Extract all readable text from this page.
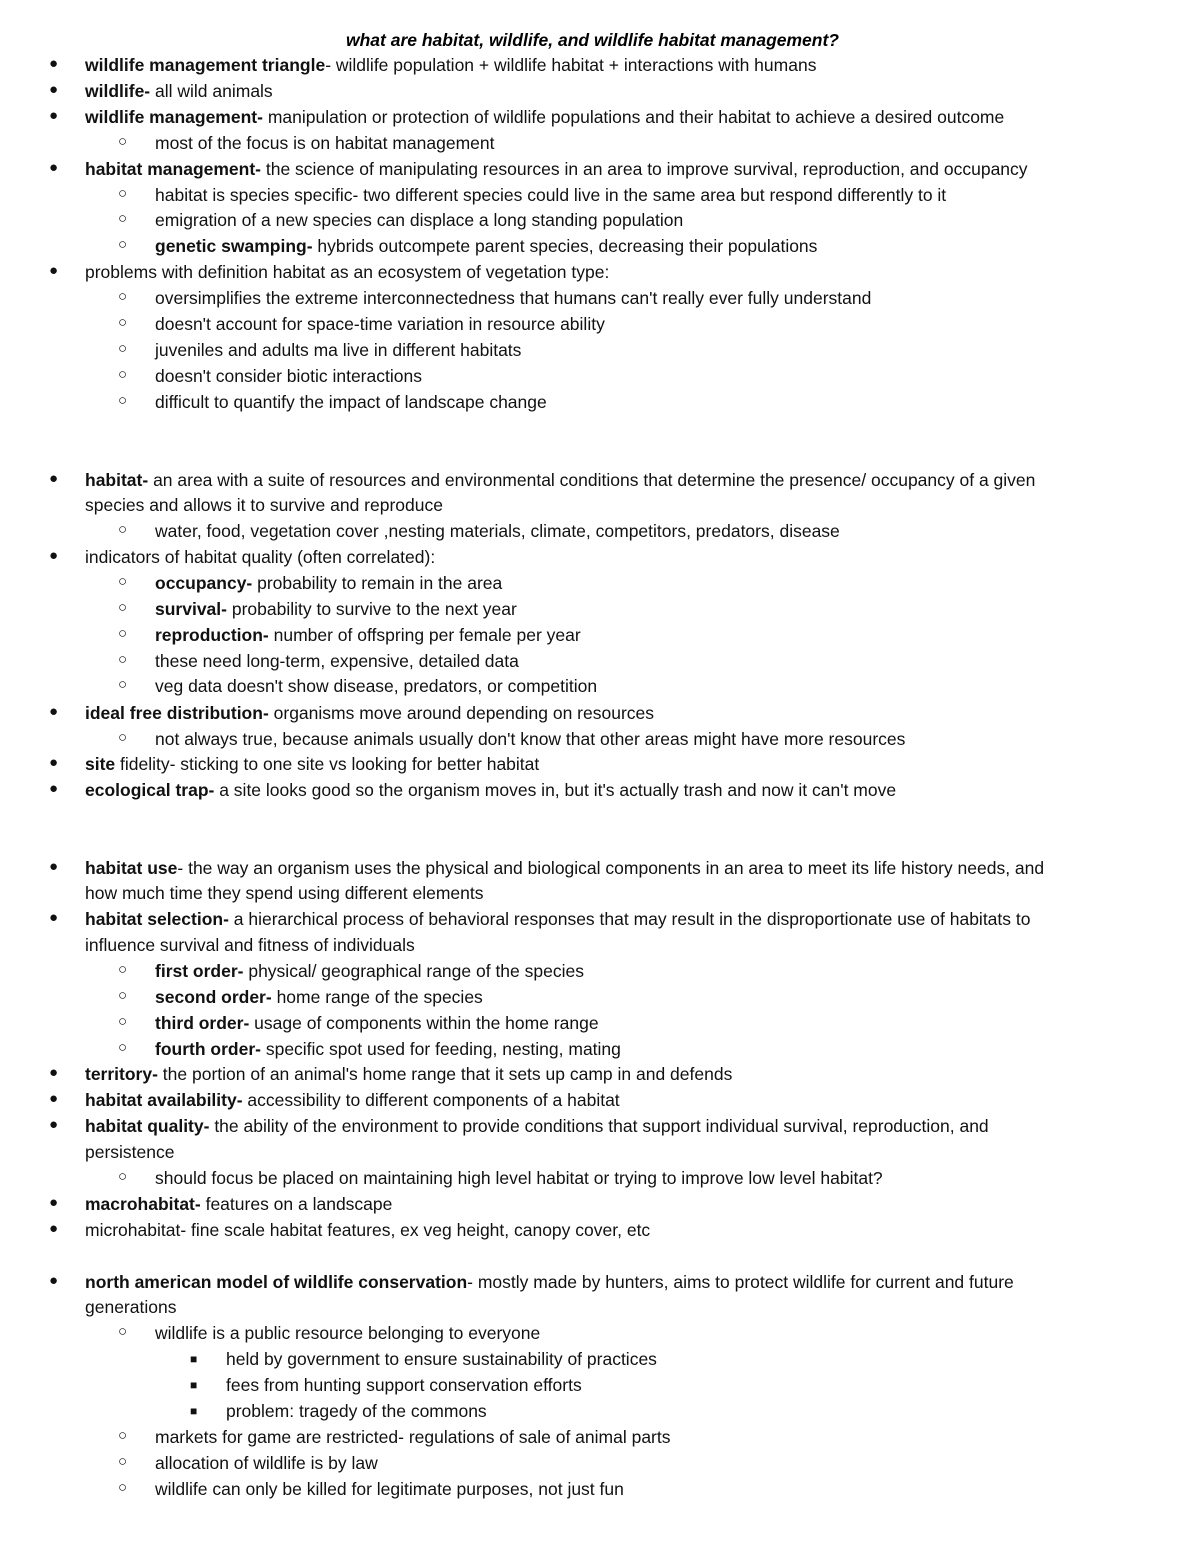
what are habitat, wildlife, and wildlife habitat management?
● wildlife management triangle- wildlife population + wildlife habitat + interactions with humans
● wildlife- all wild animals
● wildlife management- manipulation or protection of wildlife populations and their habitat to achieve a desired outcome
○ most of the focus is on habitat management
● habitat management- the science of manipulating resources in an area to improve survival, reproduction, and occupancy
○ habitat is species specific- two different species could live in the same area but respond differently to it
○ emigration of a new species can displace a long standing population
○ genetic swamping- hybrids outcompete parent species, decreasing their populations
● problems with definition habitat as an ecosystem of vegetation type:
○ oversimplifies the extreme interconnectedness that humans can't really ever fully understand
○ doesn't account for space-time variation in resource ability
○ juveniles and adults ma live in different habitats
○ doesn't consider biotic interactions
○ difficult to quantify the impact of landscape change
● habitat- an area with a suite of resources and environmental conditions that determine the presence/ occupancy of a given
species and allows it to survive and reproduce
○ water, food, vegetation cover ,nesting materials, climate, competitors, predators, disease
● indicators of habitat quality (often correlated):
○ occupancy- probability to remain in the area
○ survival- probability to survive to the next year
○ reproduction- number of offspring per female per year
○ these need long-term, expensive, detailed data
○ veg data doesn't show disease, predators, or competition
● ideal free distribution- organisms move around depending on resources
○ not always true, because animals usually don't know that other areas might have more resources
● site fidelity- sticking to one site vs looking for better habitat
● ecological trap- a site looks good so the organism moves in, but it's actually trash and now it can't move
● habitat use- the way an organism uses the physical and biological components in an area to meet its life history needs, and
how much time they spend using different elements
● habitat selection- a hierarchical process of behavioral responses that may result in the disproportionate use of habitats to
influence survival and fitness of individuals
○ first order- physical/ geographical range of the species
○ second order- home range of the species
○ third order- usage of components within the home range
○ fourth order- specific spot used for feeding, nesting, mating
● territory- the portion of an animal's home range that it sets up camp in and defends
● habitat availability- accessibility to different components of a habitat
● habitat quality- the ability of the environment to provide conditions that support individual survival, reproduction, and
persistence
○ should focus be placed on maintaining high level habitat or trying to improve low level habitat?
● macrohabitat- features on a landscape
● microhabitat- fine scale habitat features, ex veg height, canopy cover, etc
● north american model of wildlife conservation- mostly made by hunters, aims to protect wildlife for current and future
generations
○ wildlife is a public resource belonging to everyone
■ held by government to ensure sustainability of practices
■ fees from hunting support conservation efforts
■ problem: tragedy of the commons
○ markets for game are restricted- regulations of sale of animal parts
○ allocation of wildlife is by law
○ wildlife can only be killed for legitimate purposes, not just fun
